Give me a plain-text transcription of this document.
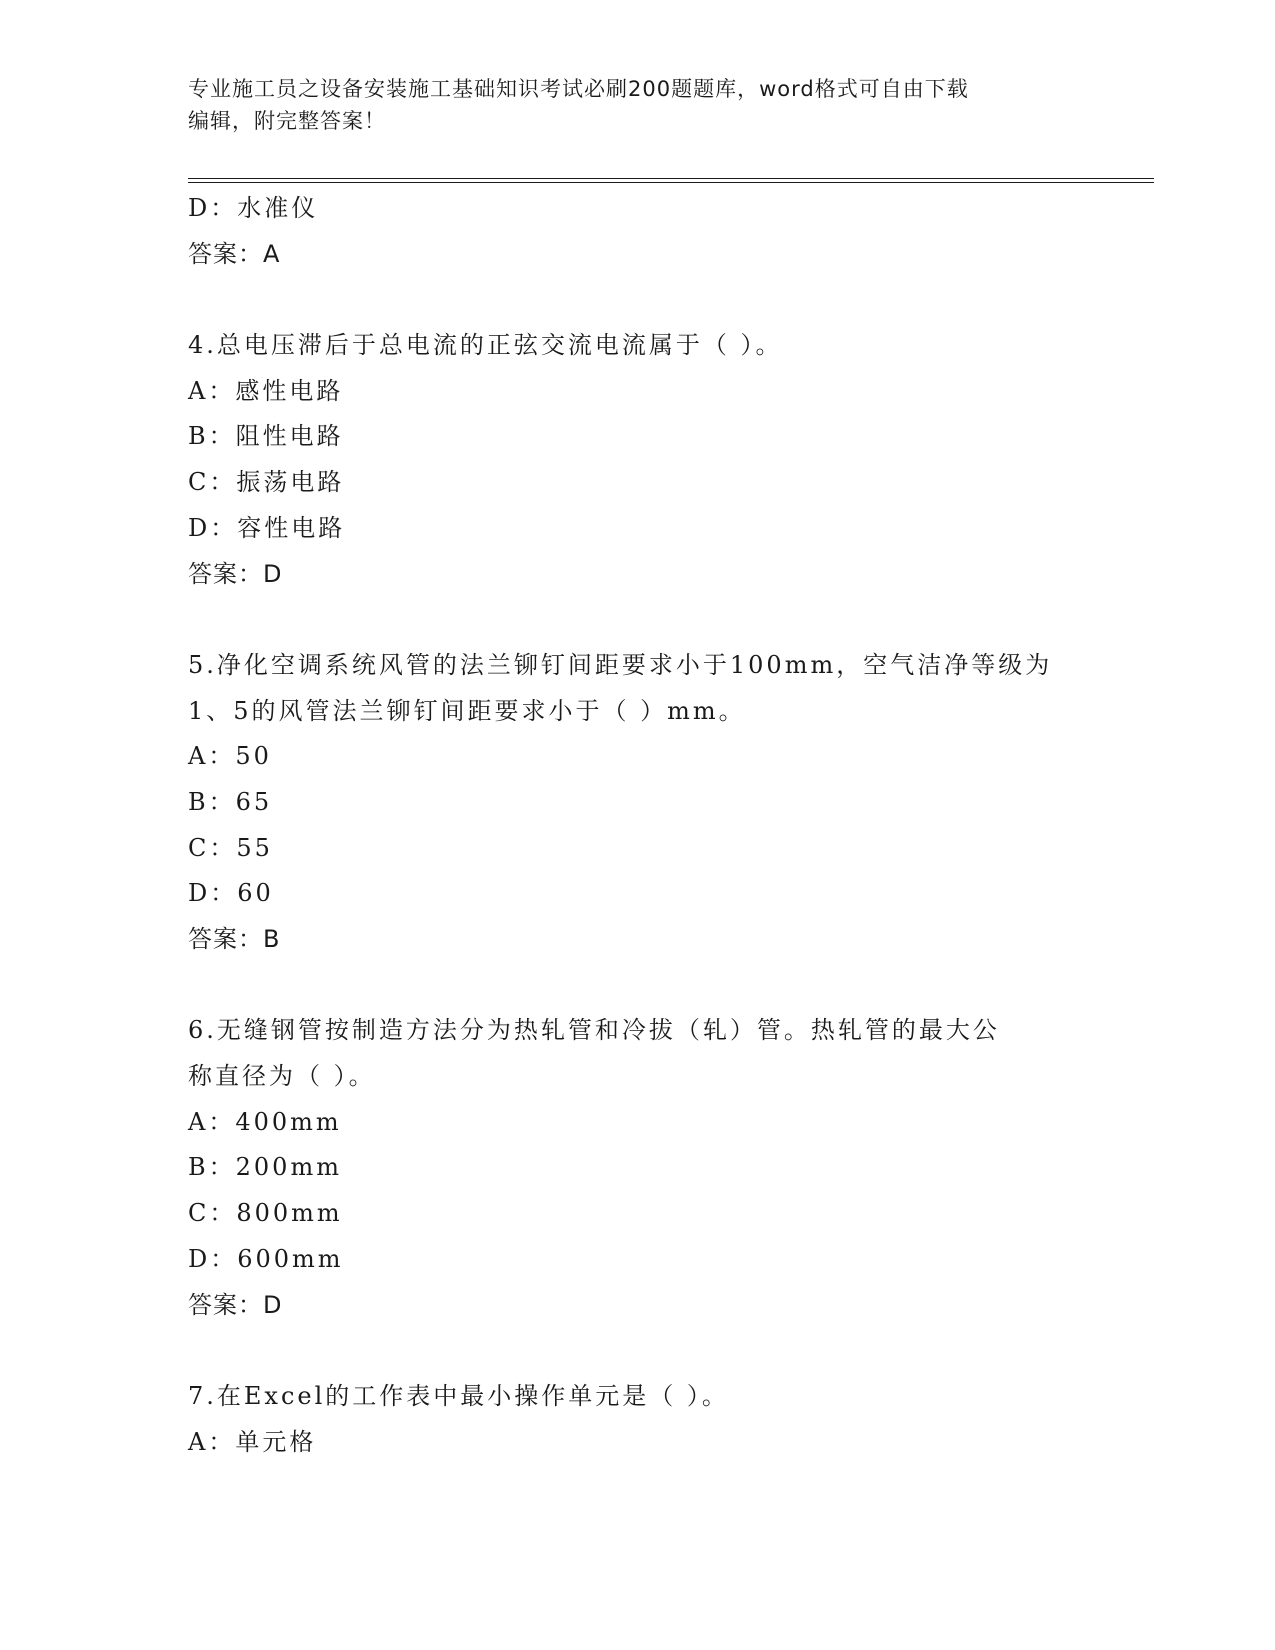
专业施工员之设备安装施工基础知识考试必刷200题题库，word格式可自由下载

编辑，附完整答案！

D：水准仪

答案：A

4.总电压滞后于总电流的正弦交流电流属于（ ）。

A：感性电路

B：阻性电路

C：振荡电路

D：容性电路

答案：D

5.净化空调系统风管的法兰铆钉间距要求小于100mm，空气洁净等级为

1、5的风管法兰铆钉间距要求小于（ ）mm。

A：50

B：65

C：55

D：60

答案：B

6.无缝钢管按制造方法分为热轧管和冷拔（轧）管。热轧管的最大公

称直径为（ ）。

A：400mm

B：200mm

C：800mm

D：600mm

答案：D

7.在Excel的工作表中最小操作单元是（ ）。

A：单元格
